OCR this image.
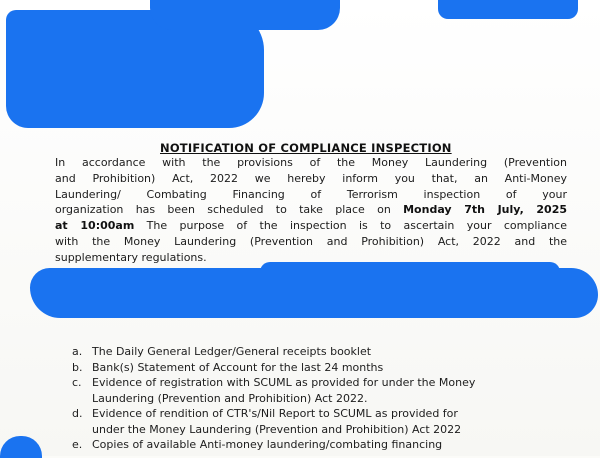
NOTIFICATION OF COMPLIANCE INSPECTION
In accordance with the provisions of the Money Laundering (Prevention
and Prohibition) Act, 2022 we hereby inform you that, an Anti-Money
Laundering/ Combating Financing of Terrorism inspection of your
organization has been scheduled to take place on Monday 7th July, 2025
at 10:00am The purpose of the inspection is to ascertain your compliance
with the Money Laundering (Prevention and Prohibition) Act, 2022 and the
supplementary regulations.
a. The Daily General Ledger/General receipts booklet
b. Bank(s) Statement of Account for the last 24 months
c. Evidence of registration with SCUML as provided for under the Money
Laundering (Prevention and Prohibition) Act 2022.
d. Evidence of rendition of CTR's/Nil Report to SCUML as provided for
under the Money Laundering (Prevention and Prohibition) Act 2022
e. Copies of available Anti-money laundering/combating financing
